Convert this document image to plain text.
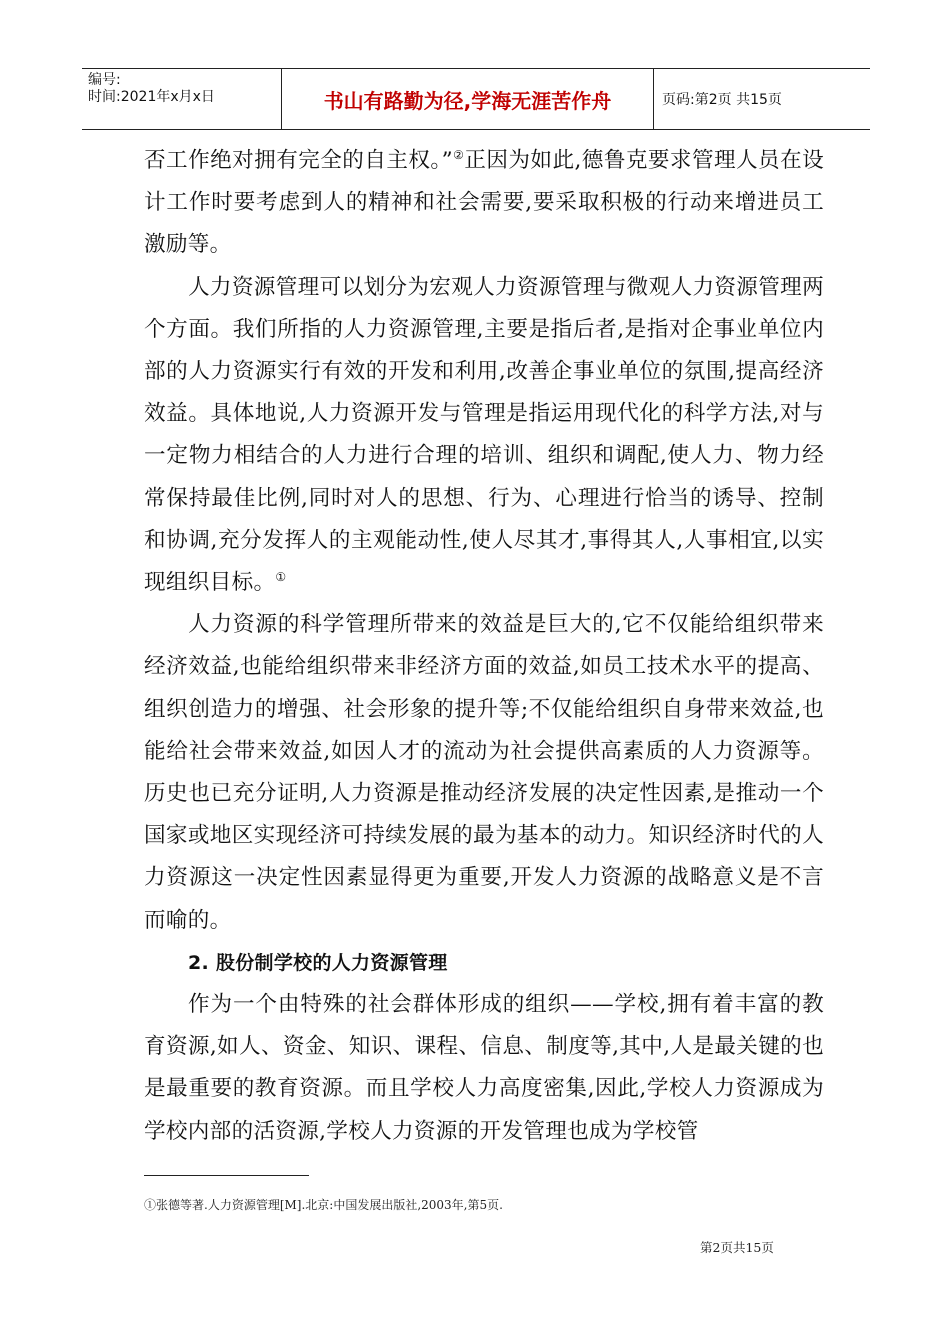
编号:
时间:2021年x月x日	书山有路勤为径,学海无涯苦作舟	页码:第2页 共15页

否工作绝对拥有完全的自主权。”②正因为如此,德鲁克要求管理人员在设计工作时要考虑到人的精神和社会需要,要采取积极的行动来增进员工激励等。

人力资源管理可以划分为宏观人力资源管理与微观人力资源管理两个方面。我们所指的人力资源管理,主要是指后者,是指对企事业单位内部的人力资源实行有效的开发和利用,改善企事业单位的氛围,提高经济效益。具体地说,人力资源开发与管理是指运用现代化的科学方法,对与一定物力相结合的人力进行合理的培训、组织和调配,使人力、物力经常保持最佳比例,同时对人的思想、行为、心理进行恰当的诱导、控制和协调,充分发挥人的主观能动性,使人尽其才,事得其人,人事相宜,以实现组织目标。①

人力资源的科学管理所带来的效益是巨大的,它不仅能给组织带来经济效益,也能给组织带来非经济方面的效益,如员工技术水平的提高、组织创造力的增强、社会形象的提升等;不仅能给组织自身带来效益,也能给社会带来效益,如因人才的流动为社会提供高素质的人力资源等。历史也已充分证明,人力资源是推动经济发展的决定性因素,是推动一个国家或地区实现经济可持续发展的最为基本的动力。知识经济时代的人力资源这一决定性因素显得更为重要,开发人力资源的战略意义是不言而喻的。

2. 股份制学校的人力资源管理

作为一个由特殊的社会群体形成的组织——学校,拥有着丰富的教育资源,如人、资金、知识、课程、信息、制度等,其中,人是最关键的也是最重要的教育资源。而且学校人力高度密集,因此,学校人力资源成为学校内部的活资源,学校人力资源的开发管理也成为学校管

①张德等著.人力资源管理[M].北京:中国发展出版社,2003年,第5页.
第2页共15页
